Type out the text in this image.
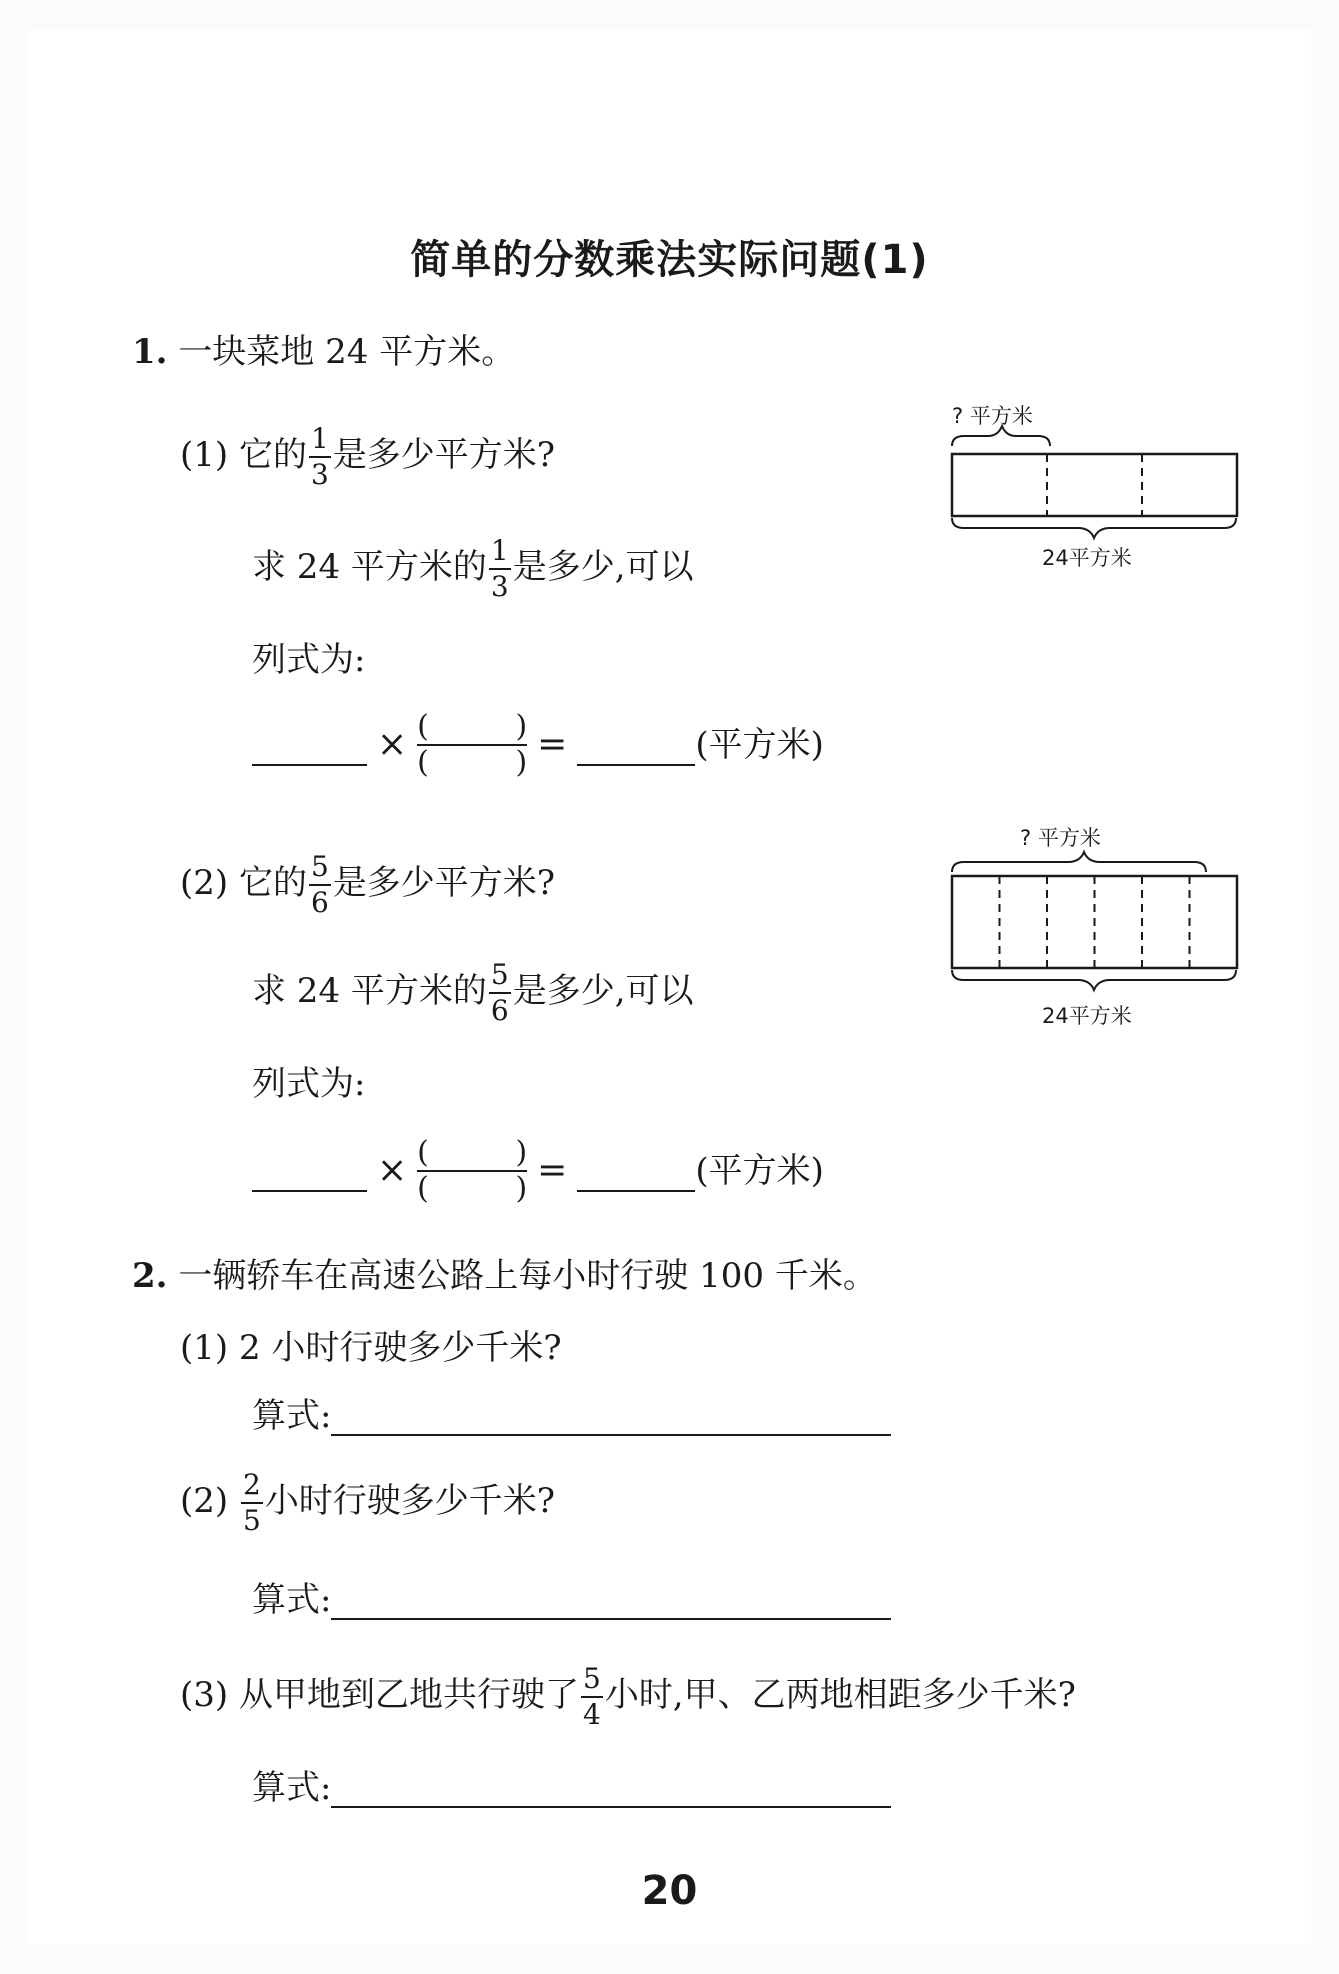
简单的分数乘法实际问题(1)
1. 一块菜地 24 平方米。
(1) 它的 $\frac{1}{3}$ 是多少平方米?
求 24 平方米的 $\frac{1}{3}$ 是多少,可以
列式为:
× (	)
(	) =	(平方米)
? 平方米
24平方米
(2) 它的 $\frac{5}{6}$ 是多少平方米?
求 24 平方米的 $\frac{5}{6}$ 是多少,可以
列式为:
× (	)
(	) =	(平方米)
? 平方米
24平方米
2. 一辆轿车在高速公路上每小时行驶 100 千米。
(1) 2 小时行驶多少千米?
算式:
$(2) \frac{2}{5}$ 小时行驶多少千米?
算式:
(3) 从甲地到乙地共行驶了 $\frac{5}{4}$ 小时,甲、乙两地相距多少千米?
算式:
20
